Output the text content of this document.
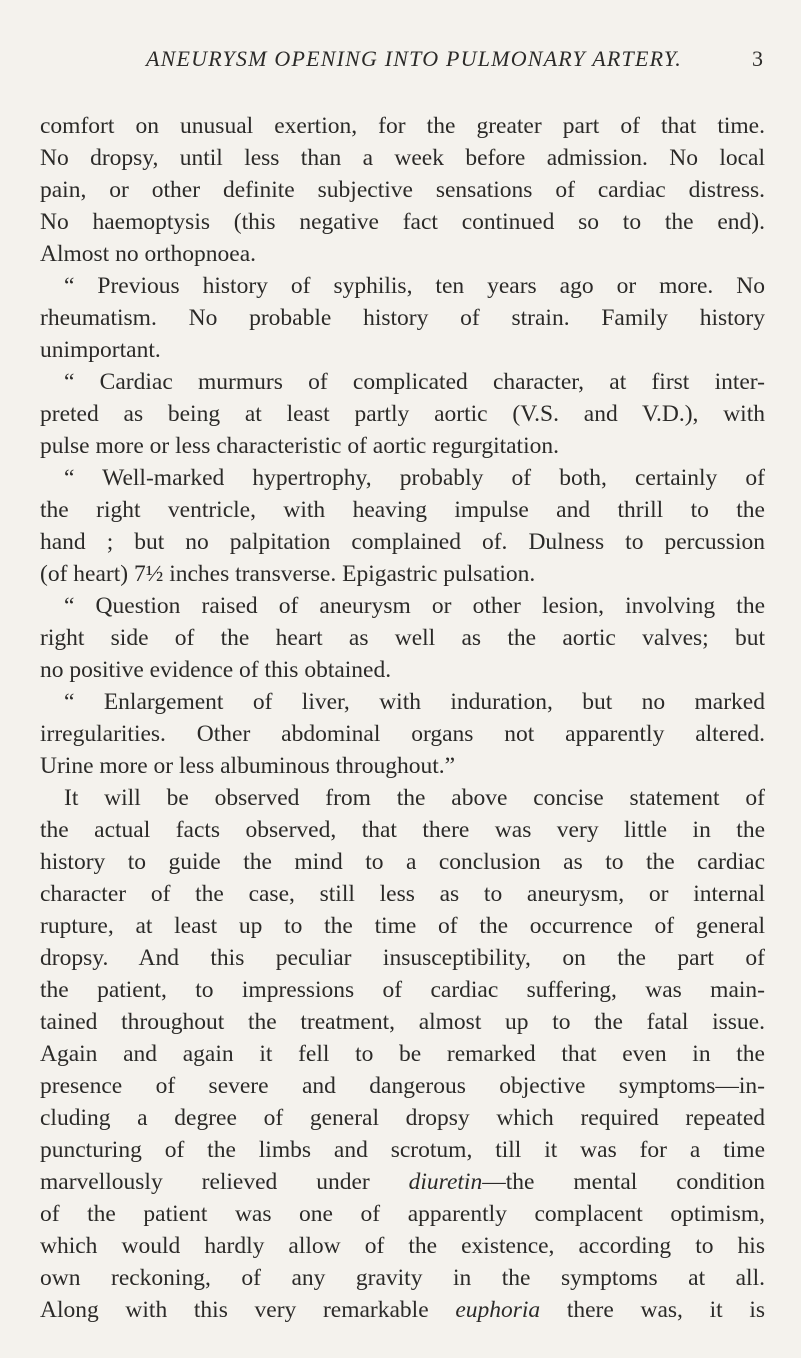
ANEURYSM OPENING INTO PULMONARY ARTERY.	3
comfort on unusual exertion, for the greater part of that time.
No dropsy, until less than a week before admission. No local
pain, or other definite subjective sensations of cardiac distress.
No haemoptysis (this negative fact continued so to the end).
Almost no orthopnoea.
“ Previous history of syphilis, ten years ago or more. No
rheumatism. No probable history of strain. Family history
unimportant.
“ Cardiac murmurs of complicated character, at first inter-
preted as being at least partly aortic (V.S. and V.D.), with
pulse more or less characteristic of aortic regurgitation.
“ Well-marked hypertrophy, probably of both, certainly of
the right ventricle, with heaving impulse and thrill to the
hand ; but no palpitation complained of. Dulness to percussion
(of heart) 7½ inches transverse. Epigastric pulsation.
“ Question raised of aneurysm or other lesion, involving the
right side of the heart as well as the aortic valves; but
no positive evidence of this obtained.
“ Enlargement of liver, with induration, but no marked
irregularities. Other abdominal organs not apparently altered.
Urine more or less albuminous throughout.”
It will be observed from the above concise statement of
the actual facts observed, that there was very little in the
history to guide the mind to a conclusion as to the cardiac
character of the case, still less as to aneurysm, or internal
rupture, at least up to the time of the occurrence of general
dropsy. And this peculiar insusceptibility, on the part of
the patient, to impressions of cardiac suffering, was main-
tained throughout the treatment, almost up to the fatal issue.
Again and again it fell to be remarked that even in the
presence of severe and dangerous objective symptoms—in-
cluding a degree of general dropsy which required repeated
puncturing of the limbs and scrotum, till it was for a time
marvellously relieved under diuretin—the mental condition
of the patient was one of apparently complacent optimism,
which would hardly allow of the existence, according to his
own reckoning, of any gravity in the symptoms at all.
Along with this very remarkable euphoria there was, it is
